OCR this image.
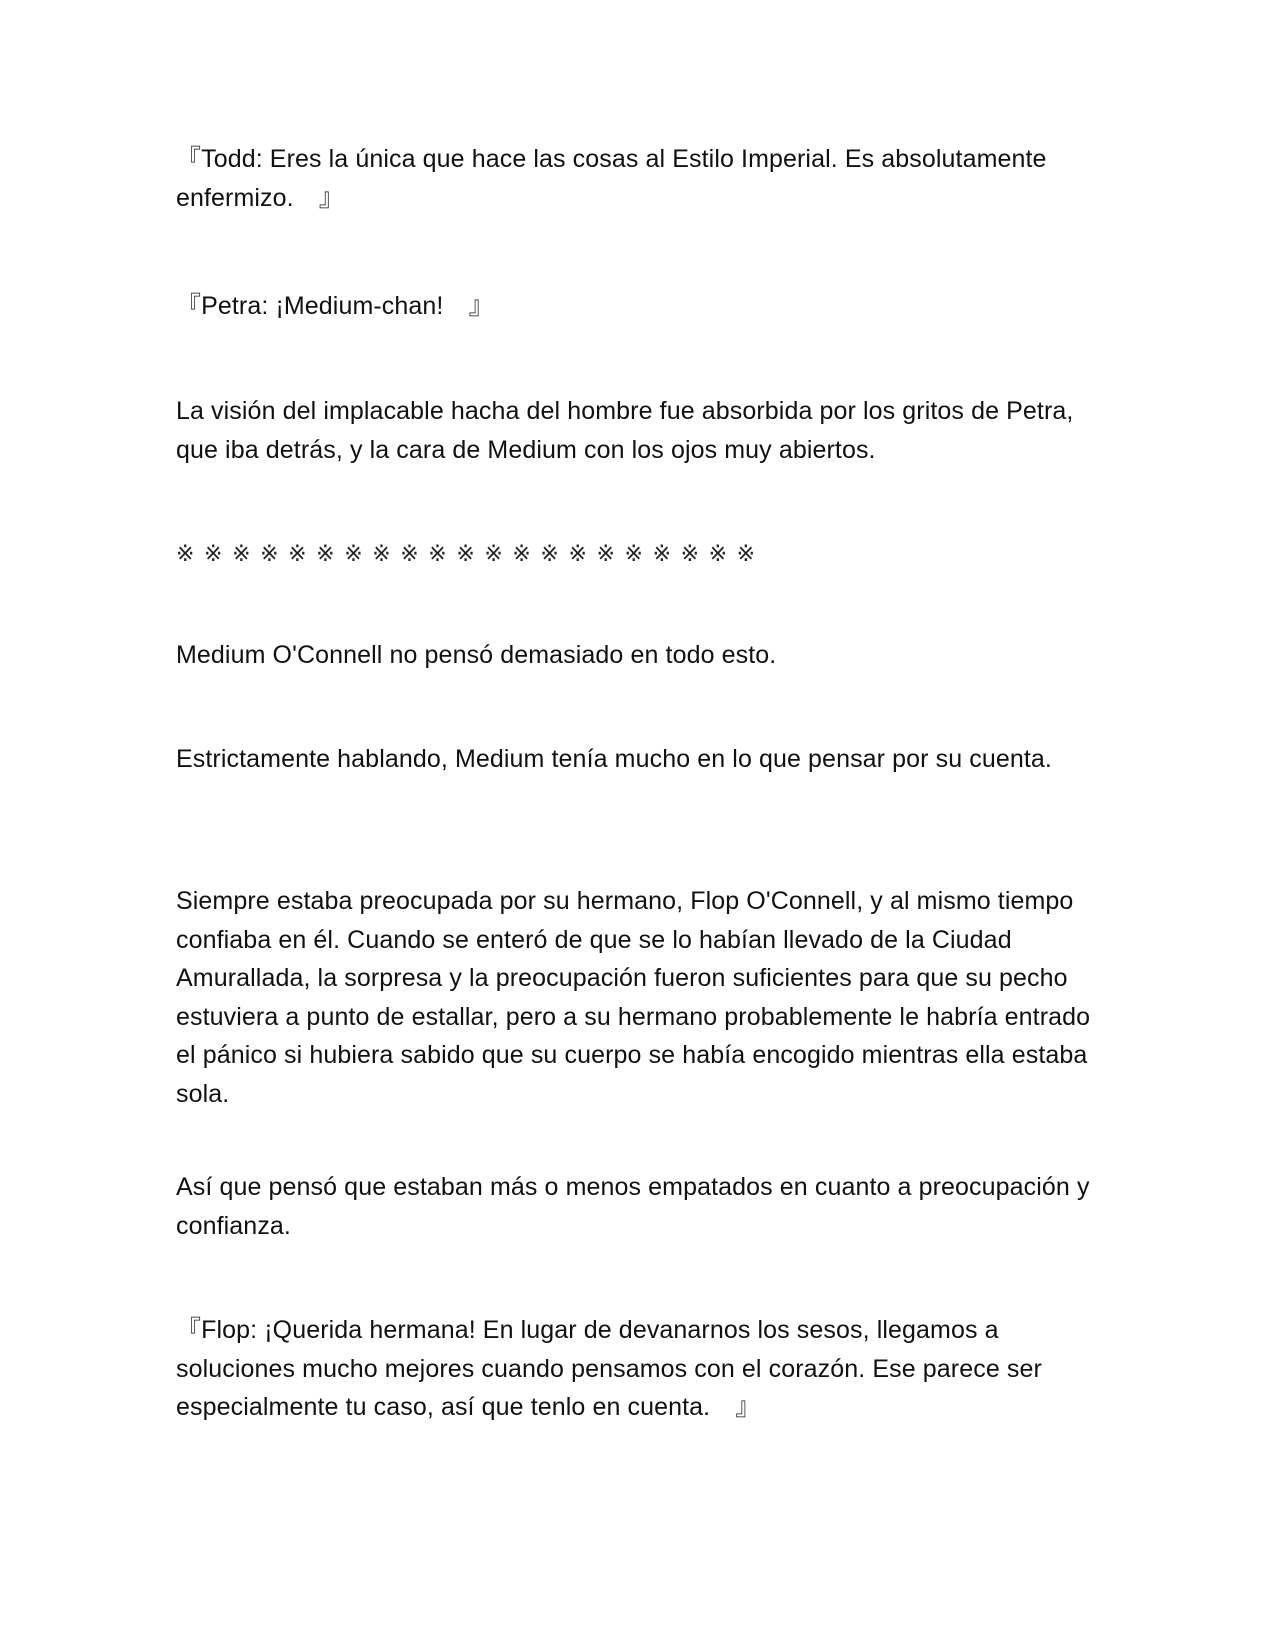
『Todd: Eres la única que hace las cosas al Estilo Imperial. Es absolutamente enfermizo.　』

『Petra: ¡Medium-chan!　』

La visión del implacable hacha del hombre fue absorbida por los gritos de Petra, que iba detrás, y la cara de Medium con los ojos muy abiertos.

※※※※※※※※※※※※※※※※※※※※※

Medium O'Connell no pensó demasiado en todo esto.

Estrictamente hablando, Medium tenía mucho en lo que pensar por su cuenta.

Siempre estaba preocupada por su hermano, Flop O'Connell, y al mismo tiempo confiaba en él. Cuando se enteró de que se lo habían llevado de la Ciudad Amurallada, la sorpresa y la preocupación fueron suficientes para que su pecho estuviera a punto de estallar, pero a su hermano probablemente le habría entrado el pánico si hubiera sabido que su cuerpo se había encogido mientras ella estaba sola.

Así que pensó que estaban más o menos empatados en cuanto a preocupación y confianza.

『Flop: ¡Querida hermana! En lugar de devanarnos los sesos, llegamos a soluciones mucho mejores cuando pensamos con el corazón. Ese parece ser especialmente tu caso, así que tenlo en cuenta.　』
